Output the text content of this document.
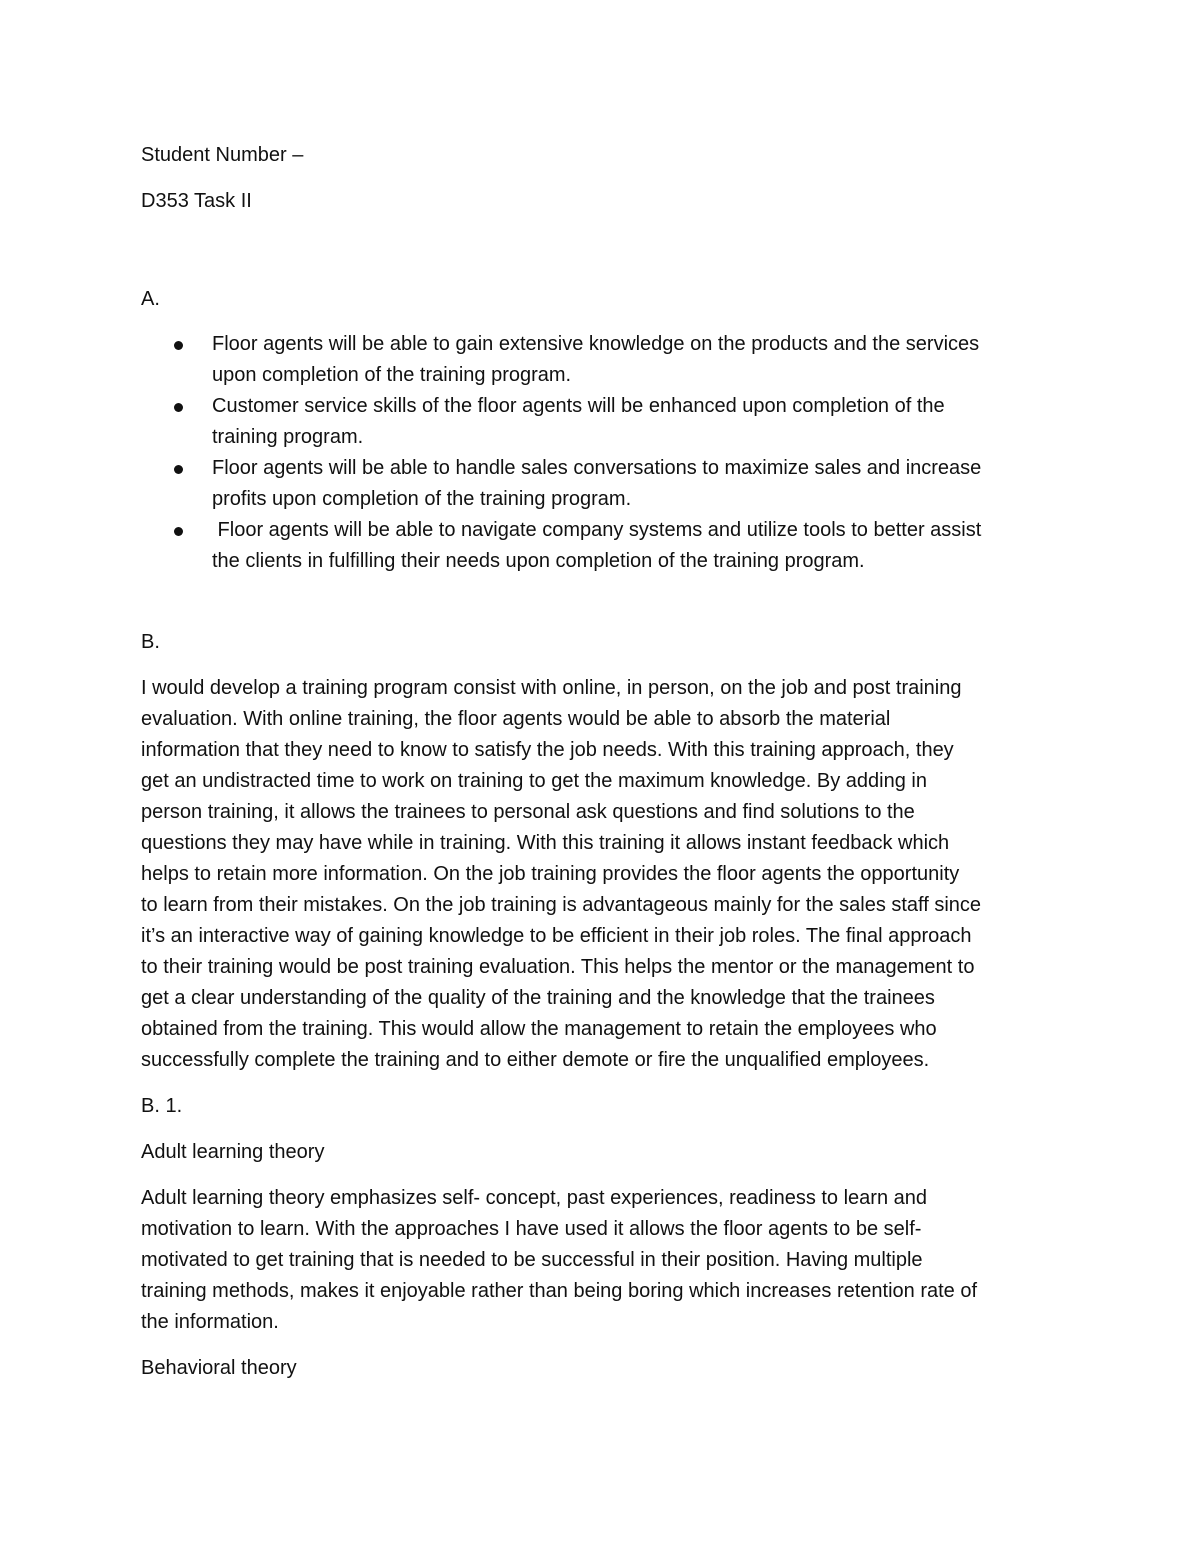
Student Number –

D353 Task II

A.

Floor agents will be able to gain extensive knowledge on the products and the services
upon completion of the training program.
Customer service skills of the floor agents will be enhanced upon completion of the
training program.
Floor agents will be able to handle sales conversations to maximize sales and increase
profits upon completion of the training program.
Floor agents will be able to navigate company systems and utilize tools to better assist
the clients in fulfilling their needs upon completion of the training program.

B.

I would develop a training program consist with online, in person, on the job and post training
evaluation. With online training, the floor agents would be able to absorb the material
information that they need to know to satisfy the job needs. With this training approach, they
get an undistracted time to work on training to get the maximum knowledge. By adding in
person training, it allows the trainees to personal ask questions and find solutions to the
questions they may have while in training. With this training it allows instant feedback which
helps to retain more information. On the job training provides the floor agents the opportunity
to learn from their mistakes. On the job training is advantageous mainly for the sales staff since
it’s an interactive way of gaining knowledge to be efficient in their job roles. The final approach
to their training would be post training evaluation. This helps the mentor or the management to
get a clear understanding of the quality of the training and the knowledge that the trainees
obtained from the training. This would allow the management to retain the employees who
successfully complete the training and to either demote or fire the unqualified employees.

B. 1.

Adult learning theory

Adult learning theory emphasizes self- concept, past experiences, readiness to learn and
motivation to learn. With the approaches I have used it allows the floor agents to be self-
motivated to get training that is needed to be successful in their position. Having multiple
training methods, makes it enjoyable rather than being boring which increases retention rate of
the information.

Behavioral theory
